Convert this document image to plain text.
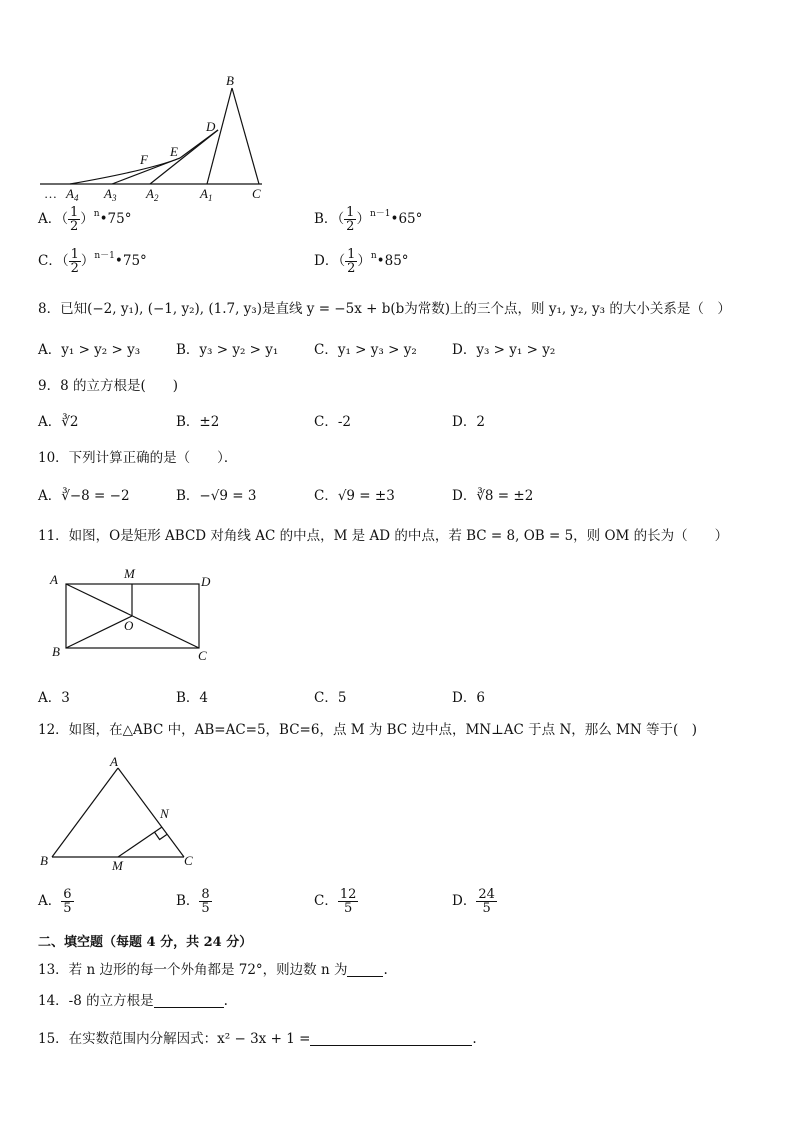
B
D
E
F
… $A_4$ $A_3$ $A_2$	$A_1$	C
A．（ $\frac{1}{2}$ ）$^n$•75°	B．（ $\frac{1}{2}$ ）$^{n-1}$•65°
C．（ $\frac{1}{2}$ ）$^{n-1}$•75°	D．（ $\frac{1}{2}$ ）$^n$•85°
8．已知(−2, y₁), (−1, y₂), (1.7, y₃)是直线 y = −5x + b(b为常数)上的三个点，则 y₁, y₂, y₃ 的大小关系是（　）
A．y₁ > y₂ > y₃	B．y₃ > y₂ > y₁	C．y₁ > y₃ > y₂	D．y₃ > y₁ > y₂
9．8 的立方根是(　　)
A．∛2	B．±2	C．-2	D．2
10．下列计算正确的是（　　）．
A．∛−8 = −2	B．−√9 = 3	C．√9 = ±3	D．∛8 = ±2
11．如图，O是矩形 ABCD 对角线 AC 的中点，M 是 AD 的中点，若 BC = 8, OB = 5，则 OM 的长为（　　）
A	M
D
O
B	C
A．3	B．4	C．5	D．6
12．如图，在△ABC 中，AB=AC=5，BC=6，点 M 为 BC 边中点，MN⊥AC 于点 N，那么 MN 等于(　)
A
N
B	M	C
A． $\frac{6}{5}$	B． $\frac{8}{5}$	C． $\frac{12}{5}$	D． $\frac{24}{5}$
二、填空题（每题 4 分，共 24 分）
13．若 n 边形的每一个外角都是 72°，则边数 n 为	.
14．-8 的立方根是	.
15．在实数范围内分解因式：x² − 3x + 1 =	.
